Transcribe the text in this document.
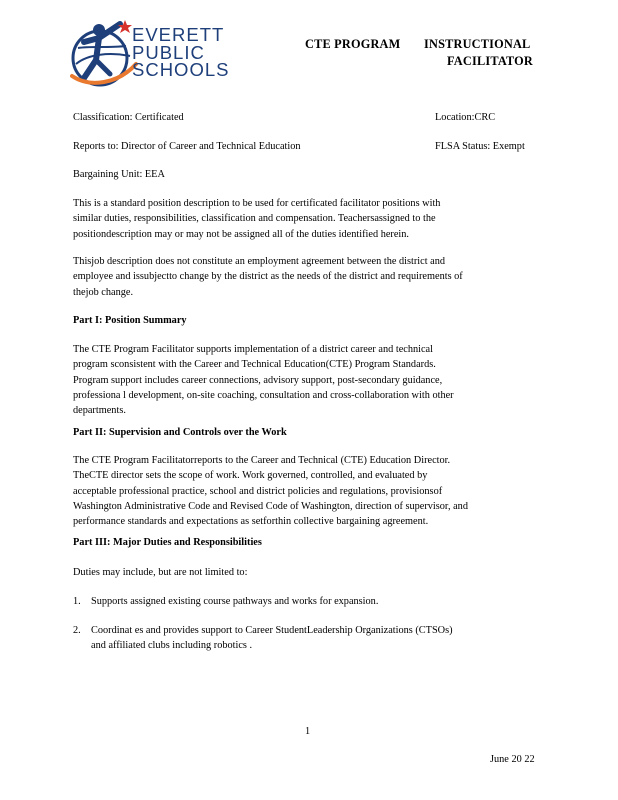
EVERETT
PUBLIC
SCHOOLS
CTE PROGRAM INSTRUCTIONAL
FACILITATOR
Classification: Certificated	Location:CRC
Reports to: Director of Career and Technical Education	FLSA Status: Exempt
Bargaining Unit: EEA
This is a standard position description to be used for certificated facilitator positions with
similar duties, responsibilities, classification and compensation. Teachersassigned to the
positiondescription may or may not be assigned all of the duties identified herein.
Thisjob description does not constitute an employment agreement between the district and
employee and issubjectto change by the district as the needs of the district and requirements of
thejob change.
Part I: Position Summary
The CTE Program Facilitator supports implementation of a district career and technical
program sconsistent with the Career and Technical Education(CTE) Program Standards.
Program support includes career connections, advisory support, post-secondary guidance,
professiona l development, on-site coaching, consultation and cross-collaboration with other
departments.
Part II: Supervision and Controls over the Work
The CTE Program Facilitatorreports to the Career and Technical (CTE) Education Director.
TheCTE director sets the scope of work. Work governed, controlled, and evaluated by
acceptable professional practice, school and district policies and regulations, provisionsof
Washington Administrative Code and Revised Code of Washington, direction of supervisor, and
performance standards and expectations as setforthin collective bargaining agreement.
Part III: Major Duties and Responsibilities
Duties may include, but are not limited to:
1. Supports assigned existing course pathways and works for expansion.
2. Coordinat es and provides support to Career StudentLeadership Organizations (CTSOs)
and affiliated clubs including robotics .
1
June 20 22
